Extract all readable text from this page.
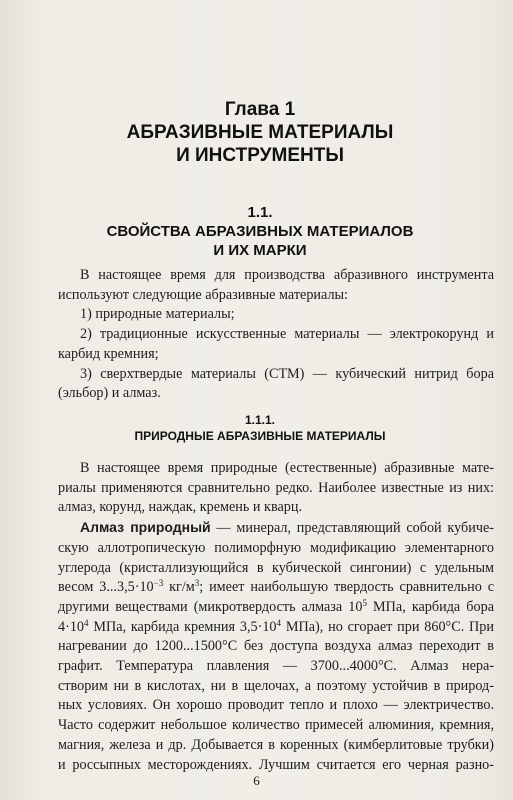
Глава 1
АБРАЗИВНЫЕ МАТЕРИАЛЫ
И ИНСТРУМЕНТЫ
1.1.
СВОЙСТВА АБРАЗИВНЫХ МАТЕРИАЛОВ
И ИХ МАРКИ
В настоящее время для производства абразивного инструмента
используют следующие абразивные материалы:
1) природные материалы;
2) традиционные искусственные материалы — электрокорунд и
карбид кремния;
3) сверхтвердые материалы (СТМ) — кубический нитрид бора
(эльбор) и алмаз.
1.1.1.
ПРИРОДНЫЕ АБРАЗИВНЫЕ МАТЕРИАЛЫ
В настоящее время природные (естественные) абразивные мате-
риалы применяются сравнительно редко. Наиболее известные из них:
алмаз, корунд, наждак, кремень и кварц.
Алмаз природный — минерал, представляющий собой кубиче-
скую аллотропическую полиморфную модификацию элементарного
углерода (кристаллизующийся в кубической сингонии) с удельным
весом $3...3,5\cdot 10^{-3}$ $кг/м^3$; имеет наибольшую твердость сравнительно с
другими веществами (микротвердость алмаза $10^5$ МПа, карбида бора
$4\cdot 10^4$ МПа, карбида кремния $3,5\cdot 10^4$ МПа), но сгорает при 860°С. При
нагревании до 1200...1500°С без доступа воздуха алмаз переходит в
графит. Температура плавления — 3700...4000°С. Алмаз нера-
створим ни в кислотах, ни в щелочах, а поэтому устойчив в природ-
ных условиях. Он хорошо проводит тепло и плохо — электричество.
Часто содержит небольшое количество примесей алюминия, кремния,
магния, железа и др. Добывается в коренных (кимберлитовые трубки)
и россыпных месторождениях. Лучшим считается его черная разно-
6
